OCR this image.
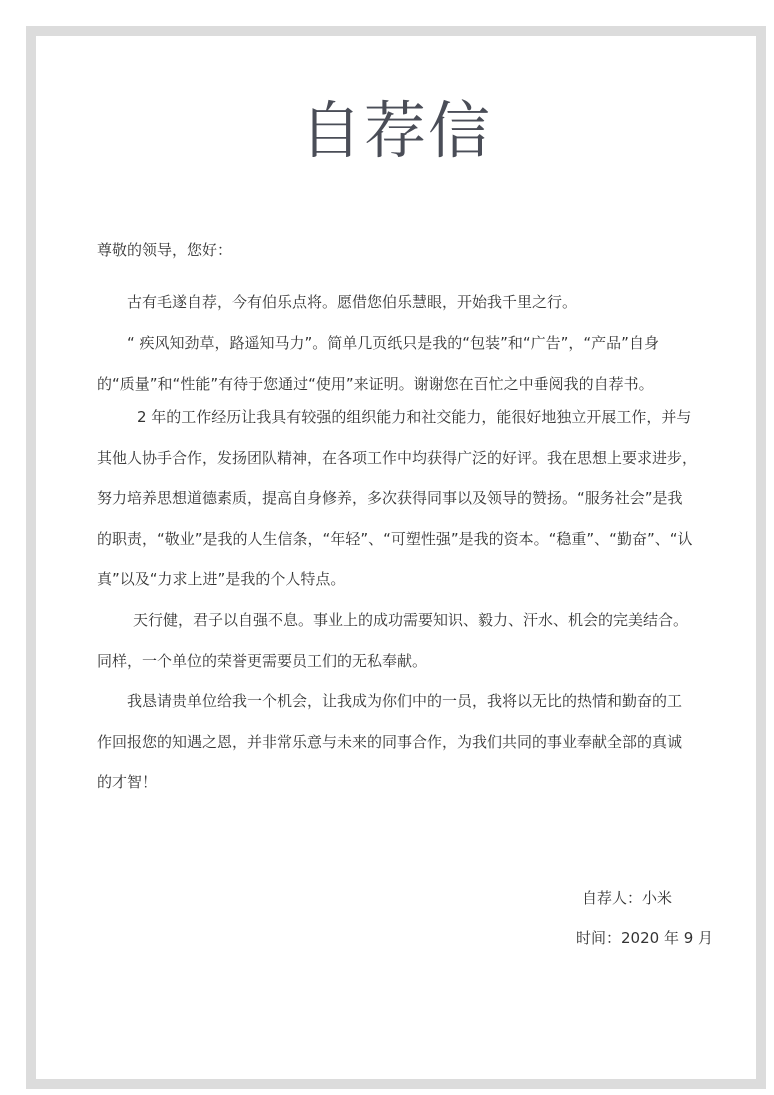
自荐信
尊敬的领导，您好：
古有毛遂自荐，今有伯乐点将。愿借您伯乐慧眼，开始我千里之行。
“ 疾风知劲草，路遥知马力”。简单几页纸只是我的“包装”和“广告”，“产品”自身
的“质量”和“性能”有待于您通过“使用”来证明。谢谢您在百忙之中垂阅我的自荐书。
2 年的工作经历让我具有较强的组织能力和社交能力，能很好地独立开展工作，并与
其他人协手合作，发扬团队精神，在各项工作中均获得广泛的好评。我在思想上要求进步，
努力培养思想道德素质，提高自身修养，多次获得同事以及领导的赞扬。“服务社会”是我
的职责，“敬业”是我的人生信条，“年轻”、“可塑性强”是我的资本。“稳重”、“勤奋”、“认
真”以及“力求上进”是我的个人特点。
天行健，君子以自强不息。事业上的成功需要知识、毅力、汗水、机会的完美结合。
同样，一个单位的荣誉更需要员工们的无私奉献。
我恳请贵单位给我一个机会，让我成为你们中的一员，我将以无比的热情和勤奋的工
作回报您的知遇之恩，并非常乐意与未来的同事合作，为我们共同的事业奉献全部的真诚
的才智！
自荐人：小米
时间：2020 年 9 月
